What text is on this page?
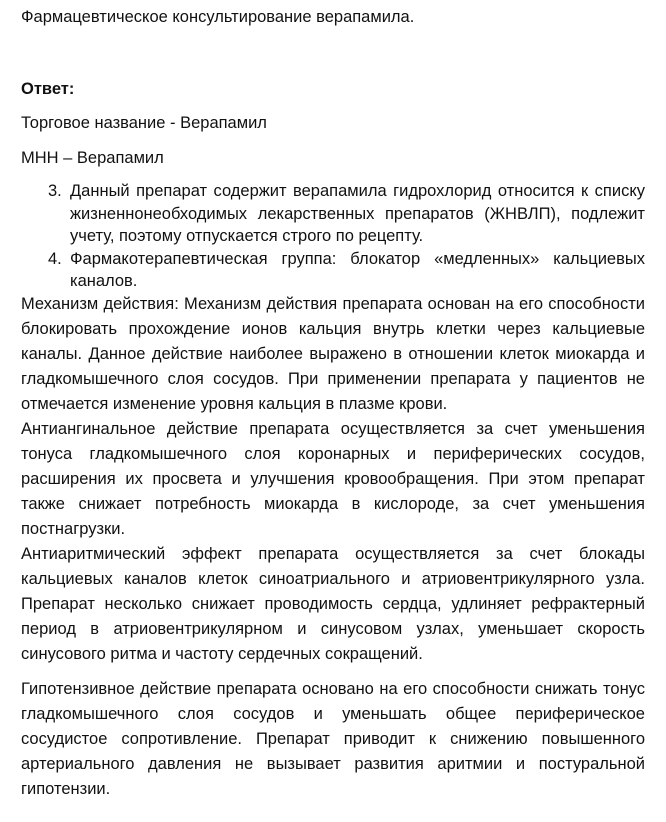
Фармацевтическое консультирование верапамила.
Ответ:
Торговое название - Верапамил
МНН – Верапамил
3. Данный препарат содержит верапамила гидрохлорид относится к списку жизненнонеобходимых лекарственных препаратов (ЖНВЛП), подлежит учету, поэтому отпускается строго по рецепту.
4. Фармакотерапевтическая группа: блокатор «медленных» кальциевых каналов.

Механизм действия: Механизм действия препарата основан на его способности блокировать прохождение ионов кальция внутрь клетки через кальциевые каналы. Данное действие наиболее выражено в отношении клеток миокарда и гладкомышечного слоя сосудов. При применении препарата у пациентов не отмечается изменение уровня кальция в плазме крови.

Антиангинальное действие препарата осуществляется за счет уменьшения тонуса гладкомышечного слоя коронарных и периферических сосудов, расширения их просвета и улучшения кровообращения. При этом препарат также снижает потребность миокарда в кислороде, за счет уменьшения постнагрузки.

Антиаритмический эффект препарата осуществляется за счет блокады кальциевых каналов клеток синоатриального и атриовентрикулярного узла. Препарат несколько снижает проводимость сердца, удлиняет рефрактерный период в атриовентрикулярном и синусовом узлах, уменьшает скорость синусового ритма и частоту сердечных сокращений.

Гипотензивное действие препарата основано на его способности снижать тонус гладкомышечного слоя сосудов и уменьшать общее периферическое сосудистое сопротивление. Препарат приводит к снижению повышенного артериального давления не вызывает развития аритмии и постуральной гипотензии.
